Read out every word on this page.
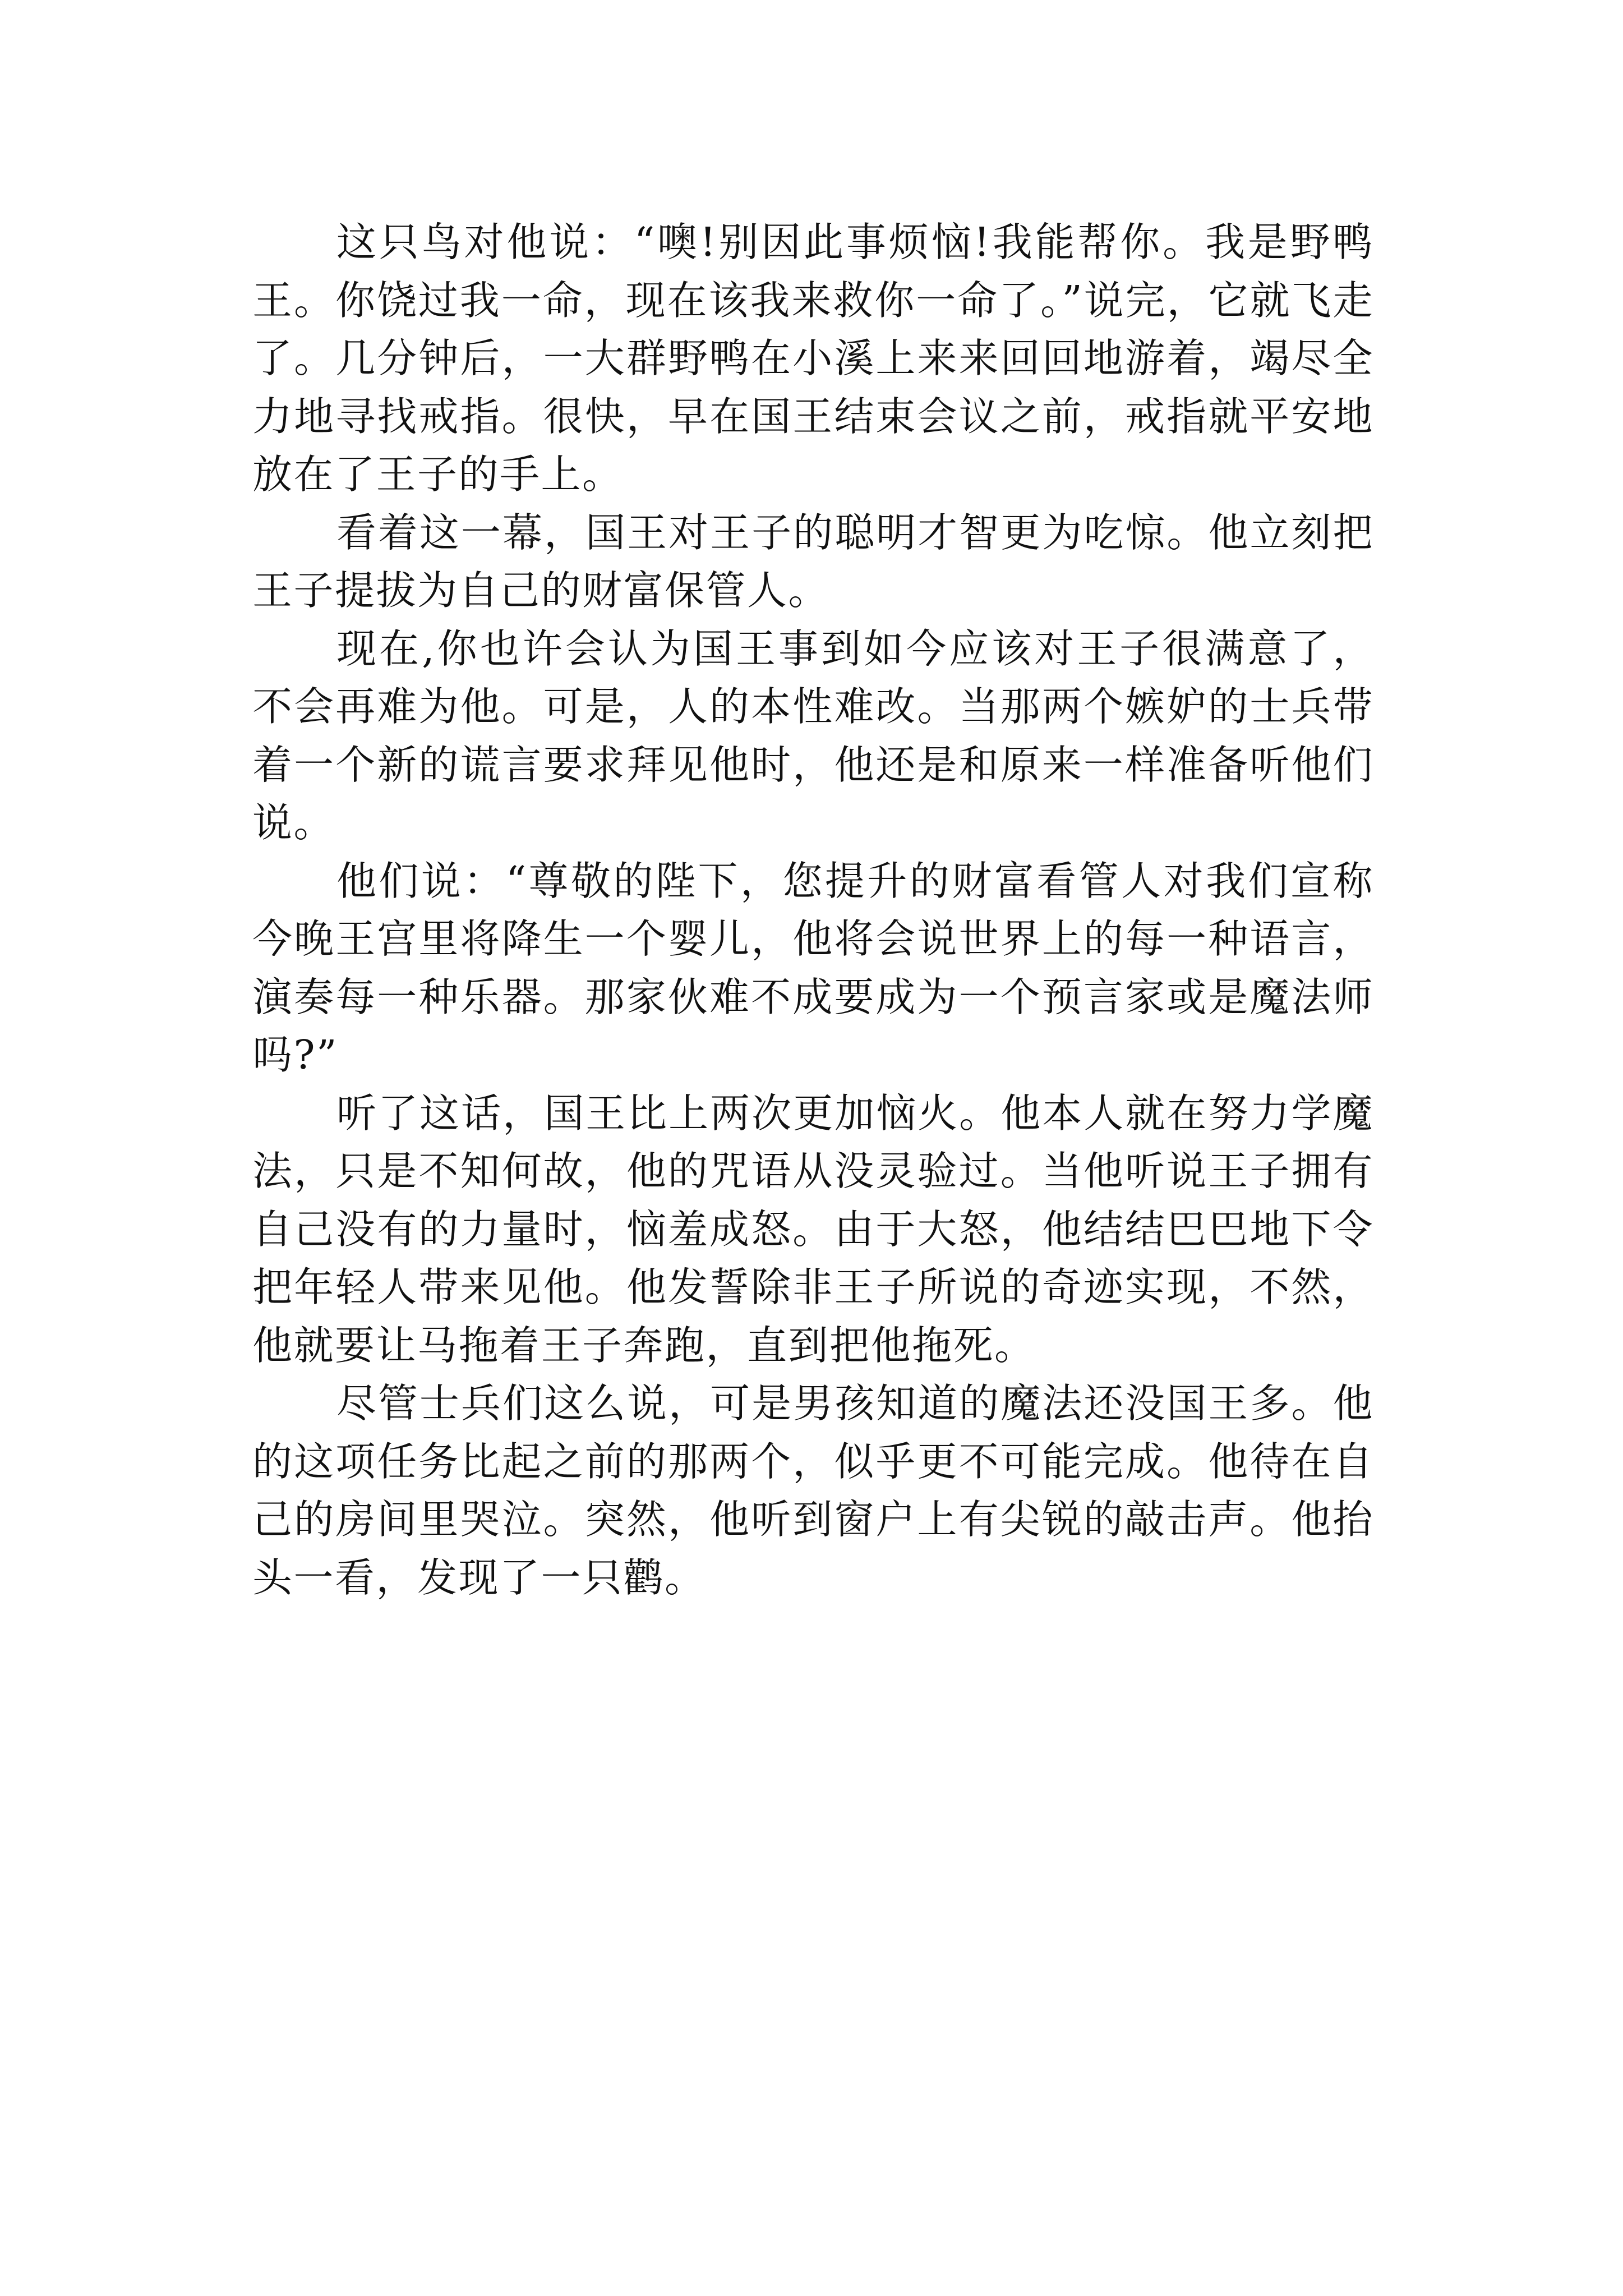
这只鸟对他说：“噢!别因此事烦恼!我能帮你。我是野鸭王。你饶过我一命，现在该我来救你一命了。”说完，它就飞走了。几分钟后，一大群野鸭在小溪上来来回回地游着，竭尽全力地寻找戒指。很快，早在国王结束会议之前，戒指就平安地放在了王子的手上。

看着这一幕，国王对王子的聪明才智更为吃惊。他立刻把王子提拔为自己的财富保管人。

现在,你也许会认为国王事到如今应该对王子很满意了，不会再难为他。可是，人的本性难改。当那两个嫉妒的士兵带着一个新的谎言要求拜见他时，他还是和原来一样准备听他们说。

他们说：“尊敬的陛下，您提升的财富看管人对我们宣称今晚王宫里将降生一个婴儿，他将会说世界上的每一种语言，演奏每一种乐器。那家伙难不成要成为一个预言家或是魔法师吗?”

听了这话，国王比上两次更加恼火。他本人就在努力学魔法，只是不知何故，他的咒语从没灵验过。当他听说王子拥有自己没有的力量时，恼羞成怒。由于大怒，他结结巴巴地下令把年轻人带来见他。他发誓除非王子所说的奇迹实现，不然，他就要让马拖着王子奔跑，直到把他拖死。

尽管士兵们这么说，可是男孩知道的魔法还没国王多。他的这项任务比起之前的那两个，似乎更不可能完成。他待在自己的房间里哭泣。突然，他听到窗户上有尖锐的敲击声。他抬头一看，发现了一只鹳。
